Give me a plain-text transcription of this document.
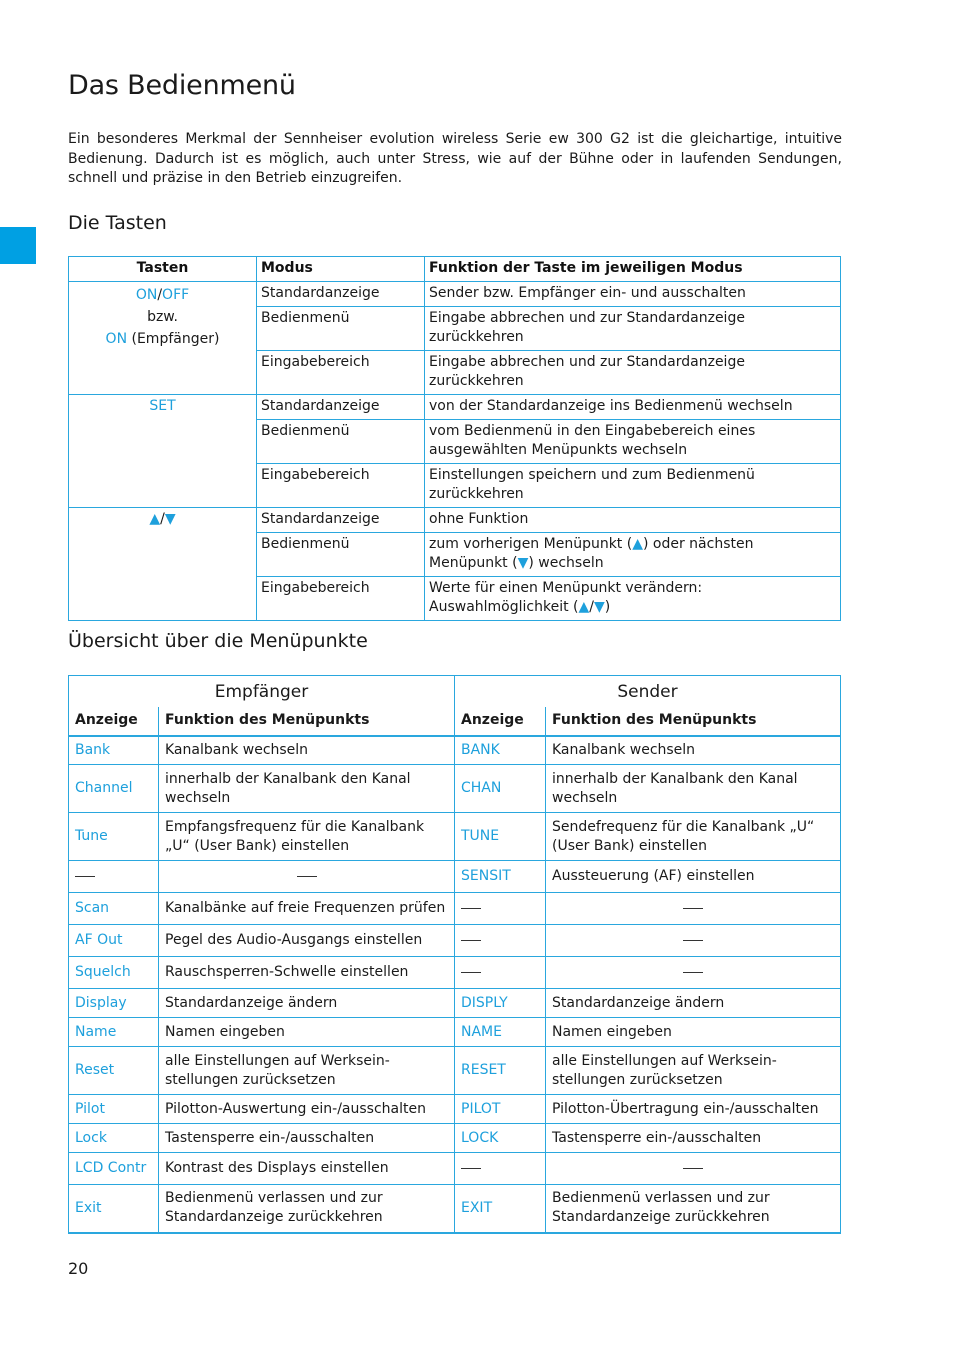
Das Bedienmenü

Ein besonderes Merkmal der Sennheiser evolution wireless Serie ew 300 G2 ist die gleichartige, intuitive Bedienung. Dadurch ist es möglich, auch unter Stress, wie auf der Bühne oder in laufenden Sendungen, schnell und präzise in den Betrieb einzugreifen.

Die Tasten
Tasten	Modus	Funktion der Taste im jeweiligen Modus
ON/OFF
bzw.
ON (Empfänger)	Standardanzeige	Sender bzw. Empfänger ein- und ausschalten
	Bedienmenü	Eingabe abbrechen und zur Standardanzeige zurückkehren
	Eingabebereich	Eingabe abbrechen und zur Standardanzeige zurückkehren
SET	Standardanzeige	von der Standardanzeige ins Bedienmenü wechseln
	Bedienmenü	vom Bedienmenü in den Eingabebereich eines ausgewählten Menüpunkts wechseln
	Eingabebereich	Einstellungen speichern und zum Bedienmenü zurückkehren
▲/▼	Standardanzeige	ohne Funktion
	Bedienmenü	zum vorherigen Menüpunkt (▲) oder nächsten Menüpunkt (▼) wechseln
	Eingabebereich	Werte für einen Menüpunkt verändern: Auswahlmöglichkeit (▲/▼)
Übersicht über die Menüpunkte
Empfänger		Sender	
Anzeige	Funktion des Menüpunkts	Anzeige	Funktion des Menüpunkts
Bank	Kanalbank wechseln	BANK	Kanalbank wechseln
Channel	innerhalb der Kanalbank den Kanal wechseln	CHAN	innerhalb der Kanalbank den Kanal wechseln
Tune	Empfangsfrequenz für die Kanalbank „U“ (User Bank) einstellen	TUNE	Sendefrequenz für die Kanalbank „U“ (User Bank) einstellen
		SENSIT	Aussteuerung (AF) einstellen
Scan	Kanalbänke auf freie Frequenzen prüfen		
AF Out	Pegel des Audio-Ausgangs einstellen		
Squelch	Rauschsperren-Schwelle einstellen		
Display	Standardanzeige ändern	DISPLY	Standardanzeige ändern
Name	Namen eingeben	NAME	Namen eingeben
Reset	alle Einstellungen auf Werksein- stellungen zurücksetzen	RESET	alle Einstellungen auf Werksein- stellungen zurücksetzen
Pilot	Pilotton-Auswertung ein-/ausschalten	PILOT	Pilotton-Übertragung ein-/ausschalten
Lock	Tastensperre ein-/ausschalten	LOCK	Tastensperre ein-/ausschalten
LCD Contr	Kontrast des Displays einstellen		
Exit	Bedienmenü verlassen und zur Standardanzeige zurückkehren	EXIT	Bedienmenü verlassen und zur Standardanzeige zurückkehren
20
